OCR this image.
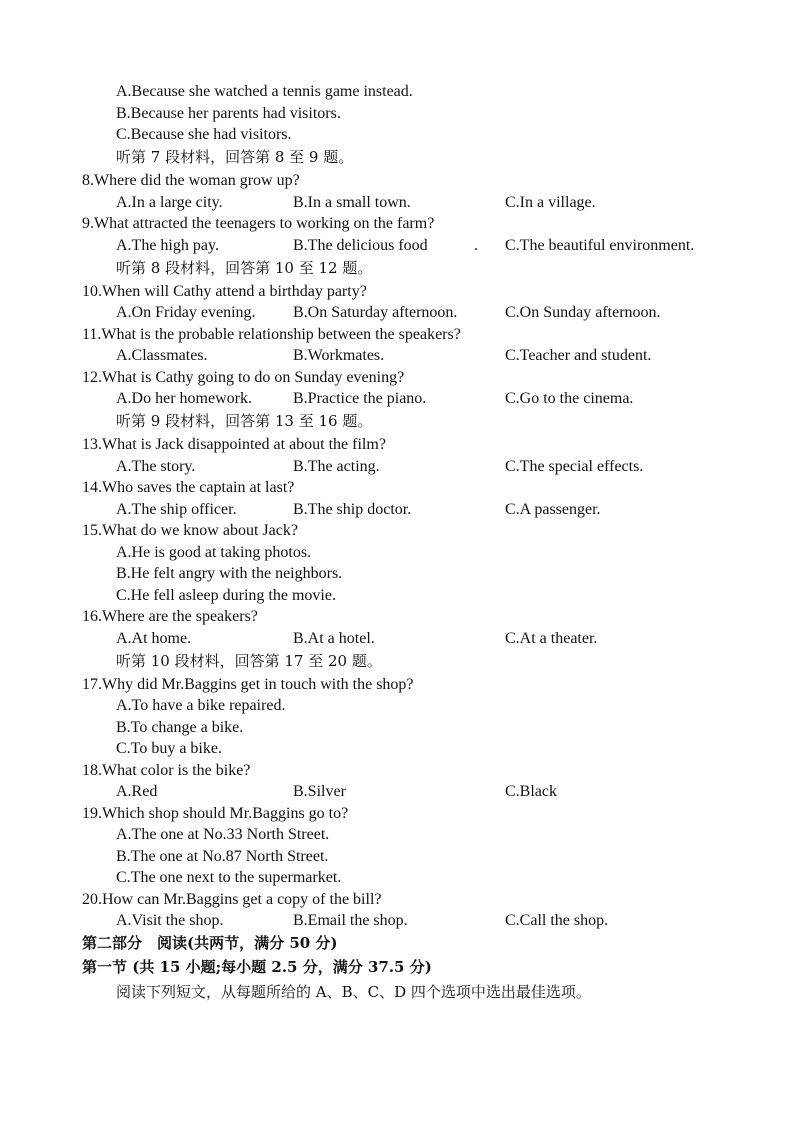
A.Because she watched a tennis game instead.
B.Because her parents had visitors.
C.Because she had visitors.
听第 7 段材料，回答第 8 至 9 题。
8.Where did the woman grow up?
A.In a large city.	B.In a small town.	C.In a village.
9.What attracted the teenagers to working on the farm?
A.The high pay.	B.The delicious food	. C.The beautiful environment.
听第 8 段材料，回答第 10 至 12 题。
10.When will Cathy attend a birthday party?
A.On Friday evening. B.On Saturday afternoon.	C.On Sunday afternoon.
11.What is the probable relationship between the speakers?
A.Classmates.	B.Workmates.	C.Teacher and student.
12.What is Cathy going to do on Sunday evening?
A.Do her homework.	B.Practice the piano.	C.Go to the cinema.
听第 9 段材料，回答第 13 至 16 题。
13.What is Jack disappointed at about the film?
A.The story.	B.The acting.	C.The special effects.
14.Who saves the captain at last?
A.The ship officer.	B.The ship doctor.	C.A passenger.
15.What do we know about Jack?
A.He is good at taking photos.
B.He felt angry with the neighbors.
C.He fell asleep during the movie.
16.Where are the speakers?
A.At home.	B.At a hotel.	C.At a theater.
听第 10 段材料，回答第 17 至 20 题。
17.Why did Mr.Baggins get in touch with the shop?
A.To have a bike repaired.
B.To change a bike.
C.To buy a bike.
18.What color is the bike?
A.Red	B.Silver	C.Black
19.Which shop should Mr.Baggins go to?
A.The one at No.33 North Street.
B.The one at No.87 North Street.
C.The one next to the supermarket.
20.How can Mr.Baggins get a copy of the bill?
A.Visit the shop.	B.Email the shop.	C.Call the shop.
第二部分　阅读(共两节，满分 50 分)
第一节 (共 15 小题;每小题 2.5 分，满分 37.5 分)
阅读下列短文，从每题所给的 A、B、C、D 四个选项中选出最佳选项。
